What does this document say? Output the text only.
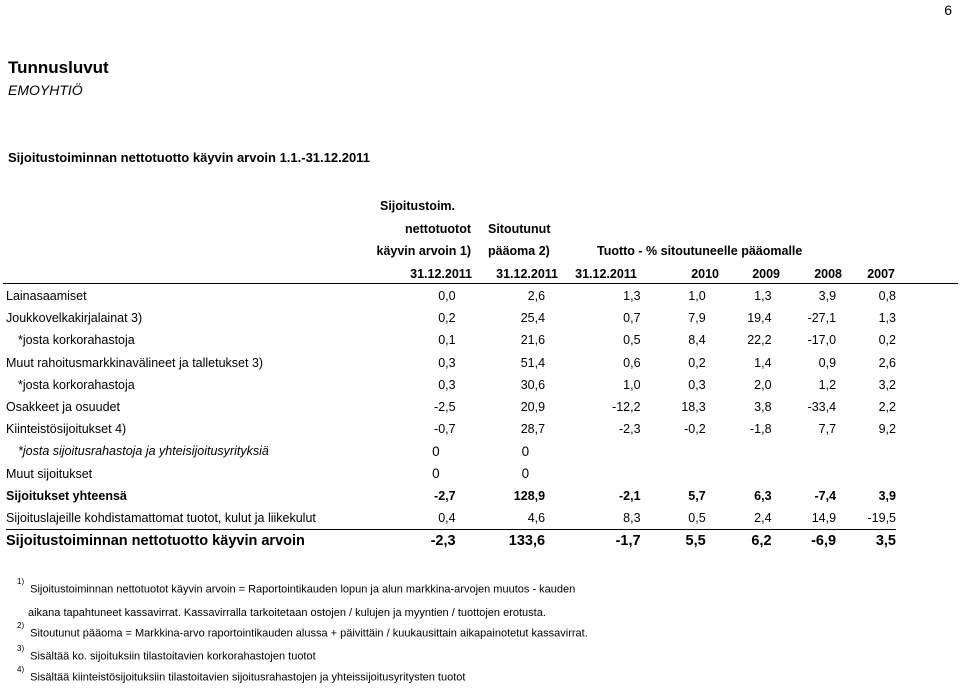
6
Tunnusluvut
EMOYHTIÖ
Sijoitustoiminnan nettotuotto käyvin arvoin 1.1.-31.12.2011
Sijoitustoim.
nettotuotot
käyvin arvoin 1)
Sitoutunut
pääoma 2)	Tuotto - % sitoutuneelle pääomalle
31.12.2011	31.12.2011	31.12.2011	2010	2009	2008	2007
Lainasaamiset	0,0	2,6	1,3	1,0	1,3	3,9	0,8
Joukkovelkakirjalainat 3)	0,2	25,4	0,7	7,9	19,4	-27,1	1,3
*josta korkorahastoja	0,1	21,6	0,5	8,4	22,2	-17,0	0,2
Muut rahoitusmarkkinavälineet ja talletukset 3)	0,3	51,4	0,6	0,2	1,4	0,9	2,6
*josta korkorahastoja	0,3	30,6	1,0	0,3	2,0	1,2	3,2
Osakkeet ja osuudet	-2,5	20,9	-12,2	18,3	3,8	-33,4	2,2
Kiinteistösijoitukset 4)	-0,7	28,7	-2,3	-0,2	-1,8	7,7	9,2
*josta sijoitusrahastoja ja yhteisijoitusyrityksiä	0	0					
Muut sijoitukset	0	0					
Sijoitukset yhteensä	-2,7	128,9	-2,1	5,7	6,3	-7,4	3,9
Sijoituslajeille kohdistamattomat tuotot, kulut ja liikekulut	0,4	4,6	8,3	0,5	2,4	14,9	-19,5
Sijoitustoiminnan nettotuotto käyvin arvoin	-2,3	133,6	-1,7	5,5	6,2	-6,9	3,5
$^{1)}$Sijoitustoiminnan nettotuotot käyvin arvoin = Raportointikauden lopun ja alun markkina-arvojen muutos - kauden
aikana tapahtuneet kassavirrat. Kassavirralla tarkoitetaan ostojen / kulujen ja myyntien / tuottojen erotusta.
$^{2)}$Sitoutunut pääoma = Markkina-arvo raportointikauden alussa + päivittäin / kuukausittain aikapainotetut kassavirrat.
$^{3)}$Sisältää ko. sijoituksiin tilastoitavien korkorahastojen tuotot
$^{4)}$Sisältää kiinteistösijoituksiin tilastoitavien sijoitusrahastojen ja yhteissijoitusyritysten tuotot
